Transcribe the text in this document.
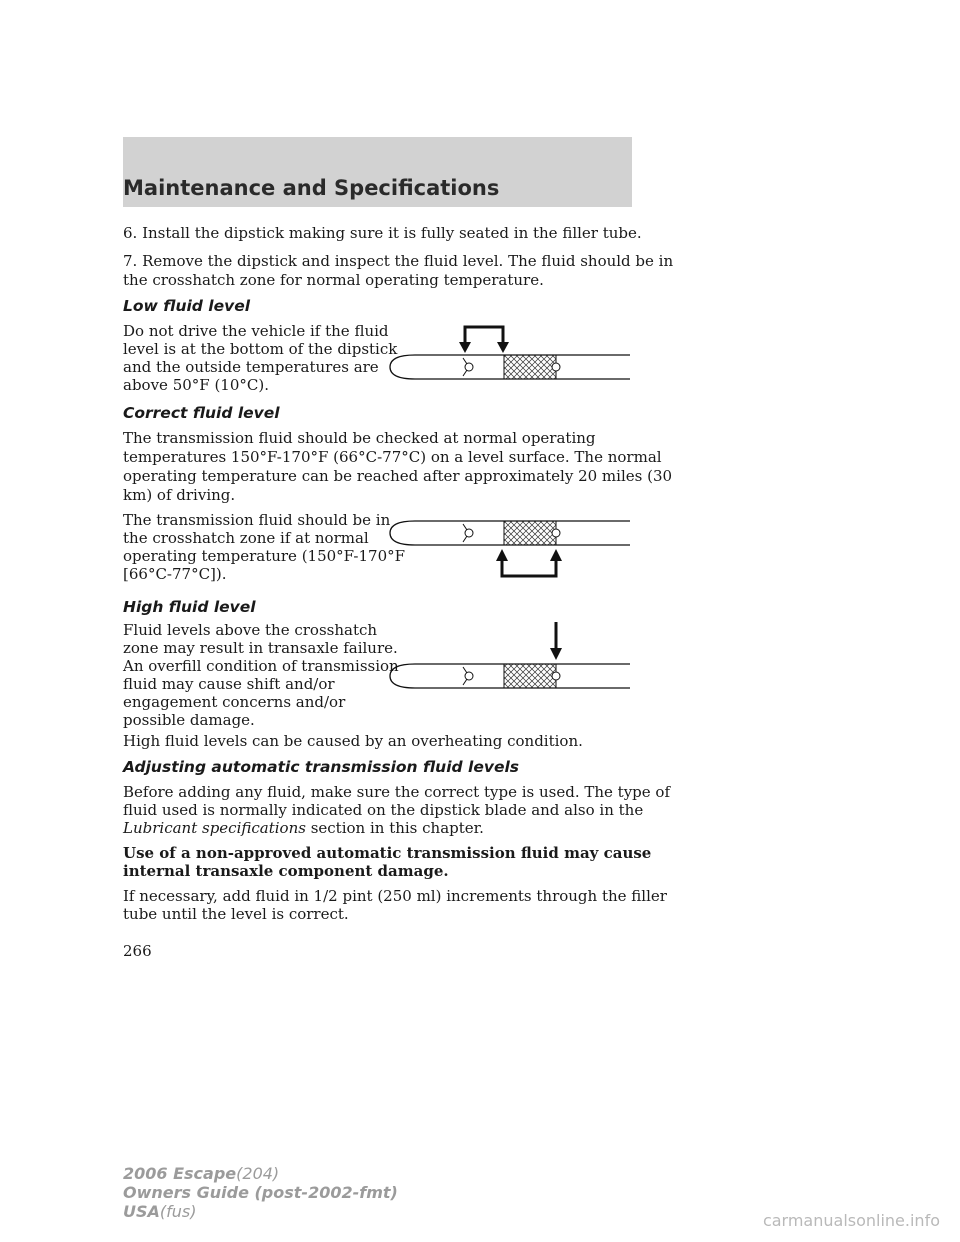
Maintenance and Specifications
6. Install the dipstick making sure it is fully seated in the filler tube.
7. Remove the dipstick and inspect the fluid level. The fluid should be in
the crosshatch zone for normal operating temperature.
Low fluid level
Do not drive the vehicle if the fluid
level is at the bottom of the dipstick
and the outside temperatures are
above 50°F (10°C).
Correct fluid level
The transmission fluid should be checked at normal operating
temperatures 150°F-170°F (66°C-77°C) on a level surface. The normal
operating temperature can be reached after approximately 20 miles (30
km) of driving.
The transmission fluid should be in
the crosshatch zone if at normal
operating temperature (150°F-170°F
[66°C-77°C]).
High fluid level
Fluid levels above the crosshatch
zone may result in transaxle failure.
An overfill condition of transmission
fluid may cause shift and/or
engagement concerns and/or
possible damage.
High fluid levels can be caused by an overheating condition.
Adjusting automatic transmission fluid levels
Before adding any fluid, make sure the correct type is used. The type of
fluid used is normally indicated on the dipstick blade and also in the
Lubricant specifications section in this chapter.
Use of a non-approved automatic transmission fluid may cause
internal transaxle component damage.
If necessary, add fluid in 1/2 pint (250 ml) increments through the filler
tube until the level is correct.
266
2006 Escape(204)
Owners Guide (post-2002-fmt)
USA(fus)	carmanualsonline.info
